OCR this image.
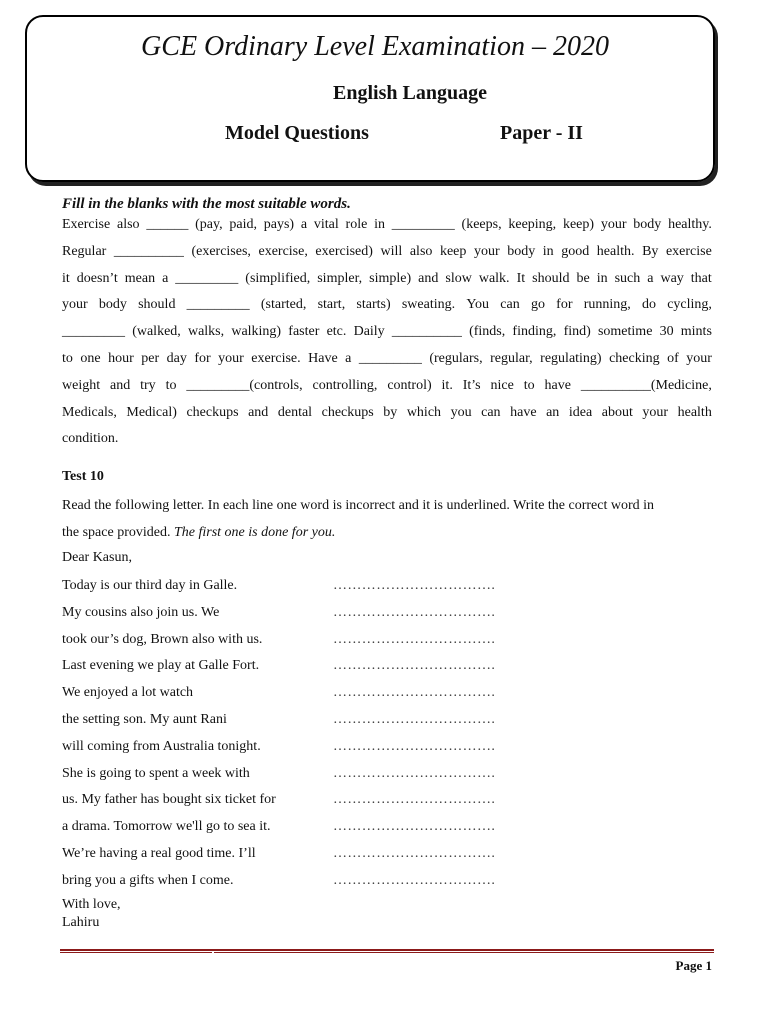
GCE Ordinary Level Examination – 2020
English Language
Model Questions	Paper - II
Fill in the blanks with the most suitable words.
Exercise also ______ (pay, paid, pays) a vital role in _________ (keeps, keeping, keep) your body healthy.
Regular __________ (exercises, exercise, exercised) will also keep your body in good health. By exercise
it doesn’t mean a _________ (simplified, simpler, simple) and slow walk. It should be in such a way that
your body should _________ (started, start, starts) sweating. You can go for running, do cycling,
_________ (walked, walks, walking) faster etc. Daily __________ (finds, finding, find) sometime 30 mints
to one hour per day for your exercise. Have a _________ (regulars, regular, regulating) checking of your
weight and try to _________(controls, controlling, control) it. It’s nice to have __________(Medicine,
Medicals, Medical) checkups and dental checkups by which you can have an idea about your health
condition.
Test 10
Read the following letter. In each line one word is incorrect and it is underlined. Write the correct word in
the space provided. The first one is done for you.
Dear Kasun,
Today is our third day in Galle.	…………………………….
My cousins also join us. We	…………………………….
took our’s dog, Brown also with us.	…………………………….
Last evening we play at Galle Fort.	…………………………….
We enjoyed a lot watch	…………………………….
the setting son. My aunt Rani	…………………………….
will coming from Australia tonight.	…………………………….
She is going to spent a week with	…………………………….
us. My father has bought six ticket for	…………………………….
a drama. Tomorrow we'll go to sea it.	…………………………….
We’re having a real good time. I’ll	…………………………….
bring you a gifts when I come.	…………………………….
With love,
Lahiru
Page 1
